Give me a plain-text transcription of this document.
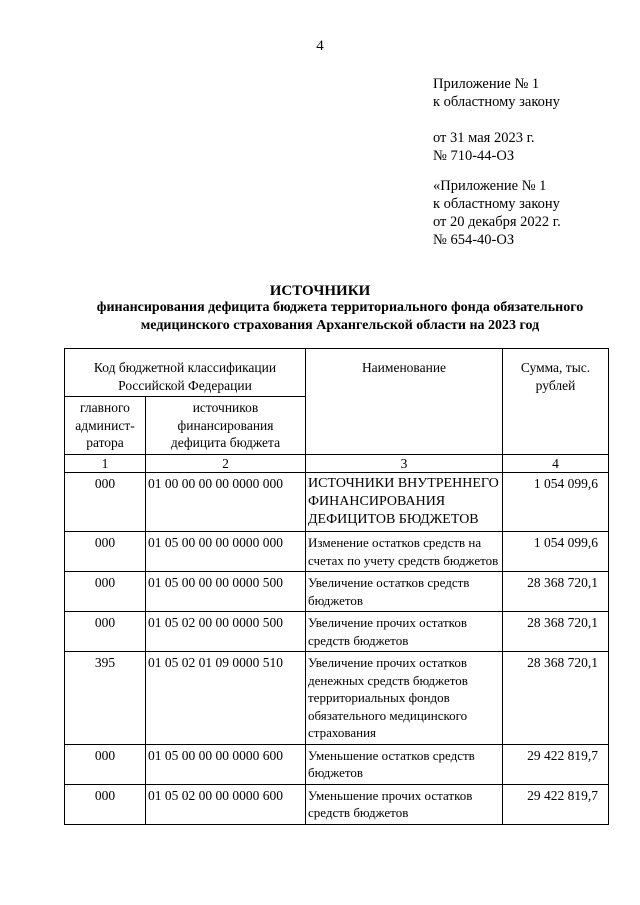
4
Приложение № 1
к областному закону
от 31 мая 2023 г.
№ 710-44-ОЗ
«Приложение № 1
к областному закону
от 20 декабря 2022 г.
№ 654-40-ОЗ
ИСТОЧНИКИ
финансирования дефицита бюджета территориального фонда обязательного
медицинского страхования Архангельской области на 2023 год
Код бюджетной классификации Российской Федерации		Наименование	Сумма, тыс. рублей
главного админист-ратора	источников финансирования дефицита бюджета		
1	2	3	4
000	01 00 00 00 00 0000 000	ИСТОЧНИКИ ВНУТРЕННЕГО ФИНАНСИРОВАНИЯ ДЕФИЦИТОВ БЮДЖЕТОВ	1 054 099,6
000	01 05 00 00 00 0000 000	Изменение остатков средств на счетах по учету средств бюджетов	1 054 099,6
000	01 05 00 00 00 0000 500	Увеличение остатков средств бюджетов	28 368 720,1
000	01 05 02 00 00 0000 500	Увеличение прочих остатков средств бюджетов	28 368 720,1
395	01 05 02 01 09 0000 510	Увеличение прочих остатков денежных средств бюджетов территориальных фондов обязательного медицинского страхования	28 368 720,1
000	01 05 00 00 00 0000 600	Уменьшение остатков средств бюджетов	29 422 819,7
000	01 05 02 00 00 0000 600	Уменьшение прочих остатков средств бюджетов	29 422 819,7
